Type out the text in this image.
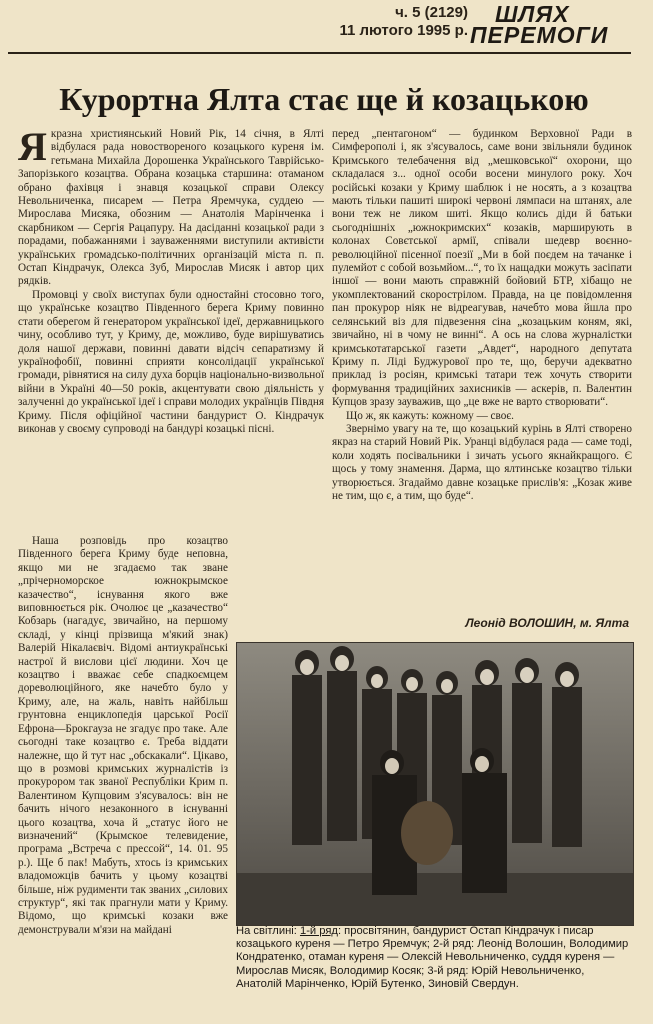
ч. 5 (2129)
11 лютого 1995 р.
ШЛЯХ
ПЕРЕМОГИ
Курортна Ялта стає ще й козацькою

Якразна християнський Новий Рік, 14 січня, в Ялті відбулася рада новоствореного козацького куреня ім. гетьмана Михайла Дорошенка Українського Таврійсько-Запорізького козацтва. Обрана козацька старшина: отаманом обрано фахівця і знавця козацької справи Олексу Невольниченка, писарем — Петра Яремчука, суддею — Мирослава Мисяка, обозним — Анатолія Марінченка і скарбником — Сергія Рацапуру. На дасіданні козацької ради з порадами, побажаннями і зауваженнями виступили активісти українських громадсько-політичних організацій міста п. п. Остап Кіндрачук, Олекса Зуб, Мирослав Мисяк і автор цих рядків.

Промовці у своїх виступах були одностайні стосовно того, що українське козацтво Південного берега Криму повинно стати оберегом й генератором української ідеї, державницького чину, особливо тут, у Криму, де, можливо, буде вирішуватись доля нашої держави, повинні давати відсіч сепаратизму й українофобії, повинні сприяти консолідації української громади, рівнятися на силу духа борців національно-визвольної війни в Україні 40—50 років, акцентувати свою діяльність у залученні до української ідеї і справи молодих українців Півдня Криму. Після офіційної частини бандурист О. Кіндрачук виконав у своєму супроводі на бандурі козацькі пісні.

Наша розповідь про козацтво Південного берега Криму буде неповна, якщо ми не згадаємо так зване „прічерноморское южнокрымское казачество“, існування якого вже виповнюється рік. Очолює це „казачество“ Кобзарь (нагадує, звичайно, на першому складі, у кінці прізвища м'який знак) Валерій Нікалаєвіч. Відомі антиукраїнські настрої й вислови цієї людини. Хоч це козацтво і вважає себе спадкоємцем дореволюційного, яке начебто було у Криму, але, на жаль, навіть найбільш грунтовна енциклопедія царської Росії Ефрона—Брокгауза не згадує про таке. Але сьогодні таке козацтво є. Треба віддати належне, що й тут нас „обскакали“. Цікаво, що в розмові кримських журналістів із прокурором так званої Республіки Крим п. Валентином Купцовим з'ясувалось: він не бачить нічого незаконного в існуванні цього козацтва, хоча й „статус його не визначений“ (Крымское телевидение, програма „Встреча с прессой“, 14. 01. 95 р.). Ще б пак! Мабуть, хтось із кримських владоможців бачить у цьому козацтві більше, ніж рудименти так званих „силових структур“, які так прагнули мати у Криму. Відомо, що кримські козаки вже демонстрували м'язи на майдані

перед „пентагоном“ — будинком Верховної Ради в Симферополі і, як з'ясувалось, саме вони звільняли будинок Кримського телебачення від „мешковської“ охорони, що складалася з... одної особи восени минулого року. Хоч російські козаки у Криму шаблюк і не носять, а з козацтва мають тільки пашиті широкі червоні лямпаси на штанях, але вони теж не ликом шиті. Якщо колись діди й батьки сьогоднішніх „южнокримских“ козаків, марширують в колонах Совєтської армії, співали шедевр воєнно-революційної пісенної поезії „Ми в бой поєдем на тачанке і пулемйот с собой возьмйом...“, то їх нащадки можуть засіпати іншої — вони мають справжній бойовий БТР, хібащо не укомплектований скорострілом. Правда, на це повідомлення пан прокурор ніяк не відреагував, начебто мова йшла про селянський віз для підвезення сіна „козацьким коням, які, звичайно, ні в чому не винні“. А ось на слова журналістки кримськотатарської газети „Авдет“, народного депутата Криму п. Ліді Буджурової про те, що, беручи адекватно приклад із росіян, кримські татари теж хочуть створити формування традиційних захисників — аскерів, п. Валентин Купцов зразу зауважив, що „це вже не варто створювати“.

Що ж, як кажуть: кожному — своє.

Звернімо увагу на те, що козацький курінь в Ялті створено якраз на старий Новий Рік. Уранці відбулася рада — саме тоді, коли ходять посівальники і зичать усього якнайкращого. Є щось у тому знамення. Дарма, що ялтинське козацтво тільки утворюється. Згадаймо давне козацьке прислів'я: „Козак живе не тим, що є, а тим, що буде“.

Леонід ВОЛОШИН, м. Ялта
На світлині: 1-й ряд: просвітянин, бандурист Остап Кіндрачук і писар козацького куреня — Петро Яремчук; 2-й ряд: Леонід Волошин, Володимир Кондратенко, отаман куреня — Олексій Невольниченко, суддя куреня — Мирослав Мисяк, Володимир Косяк; 3-й ряд: Юрій Невольниченко, Анатолій Марінченко, Юрій Бутенко, Зиновій Свердун.
